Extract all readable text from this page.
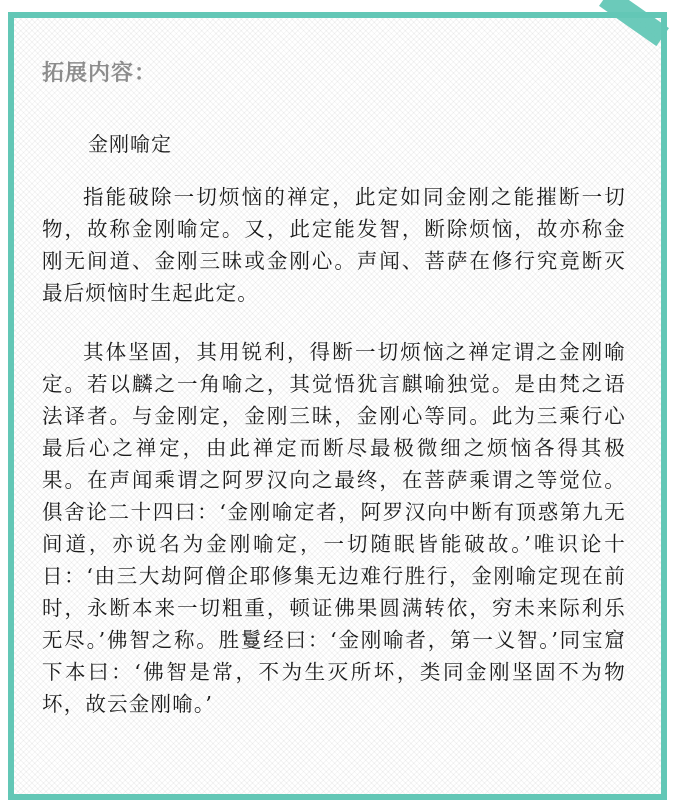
拓展内容：

金刚喻定

指能破除一切烦恼的禅定，此定如同金刚之能摧断一切物，故称金刚喻定。又，此定能发智，断除烦恼，故亦称金刚无间道、金刚三昧或金刚心。声闻、菩萨在修行究竟断灭最后烦恼时生起此定。

其体坚固，其用锐利，得断一切烦恼之禅定谓之金刚喻定。若以麟之一角喻之，其觉悟犹言麒喻独觉。是由梵之语法译者。与金刚定，金刚三昧，金刚心等同。此为三乘行心最后心之禅定，由此禅定而断尽最极微细之烦恼各得其极果。在声闻乘谓之阿罗汉向之最终，在菩萨乘谓之等觉位。俱舍论二十四曰：‘金刚喻定者，阿罗汉向中断有顶惑第九无间道，亦说名为金刚喻定，一切随眠皆能破故。’唯识论十日：‘由三大劫阿僧企耶修集无边难行胜行，金刚喻定现在前时，永断本来一切粗重，顿证佛果圆满转依，穷未来际利乐无尽。’佛智之称。胜鬘经曰：‘金刚喻者，第一义智。’同宝窟下本曰：‘佛智是常，不为生灭所坏，类同金刚坚固不为物坏，故云金刚喻。’
